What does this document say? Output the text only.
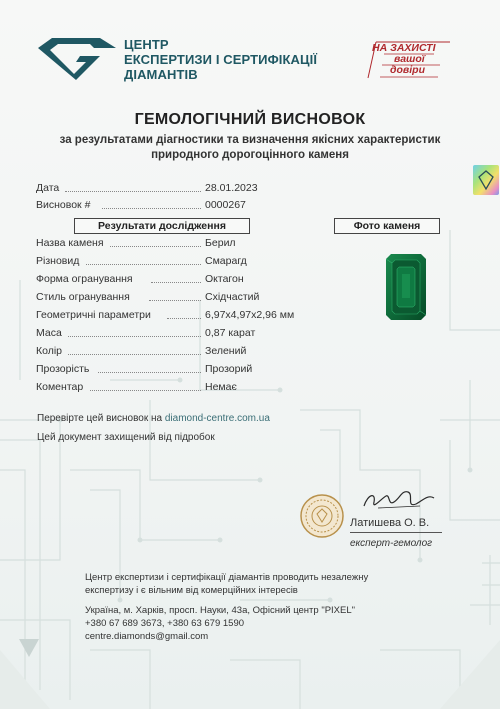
ЦЕНТР
ЕКСПЕРТИЗИ І СЕРТИФІКАЦІЇ
ДІАМАНТІВ
НА ЗАХИСТІ
вашої
довіри
ГЕМОЛОГІЧНИЙ ВИСНОВОК
за результатами діагностики та визначення якісних характеристик
природного дорогоцінного каменя
Дата	28.01.2023
Висновок #	0000267
Результати дослідження	Фото каменя
Назва каменя	Берил
Різновид	Смарагд
Форма огранування	Октагон
Стиль огранування	Східчастий
Геометричні параметри	6,97х4,97х2,96 мм
Маса	0,87 карат
Колір	Зелений
Прозорість	Прозорий
Коментар	Немає
Перевірте цей висновок на diamond-centre.com.ua
Цей документ захищений від підробок
Латишева О. В.
експерт-гемолог
Центр експертизи і сертифікації діамантів проводить незалежну
експертизу і є вільним від комерційних інтересів
Україна, м. Харків, просп. Науки, 43а, Офісний центр "PIXEL"
+380 67 689 3673, +380 63 679 1590
centre.diamonds@gmail.com
